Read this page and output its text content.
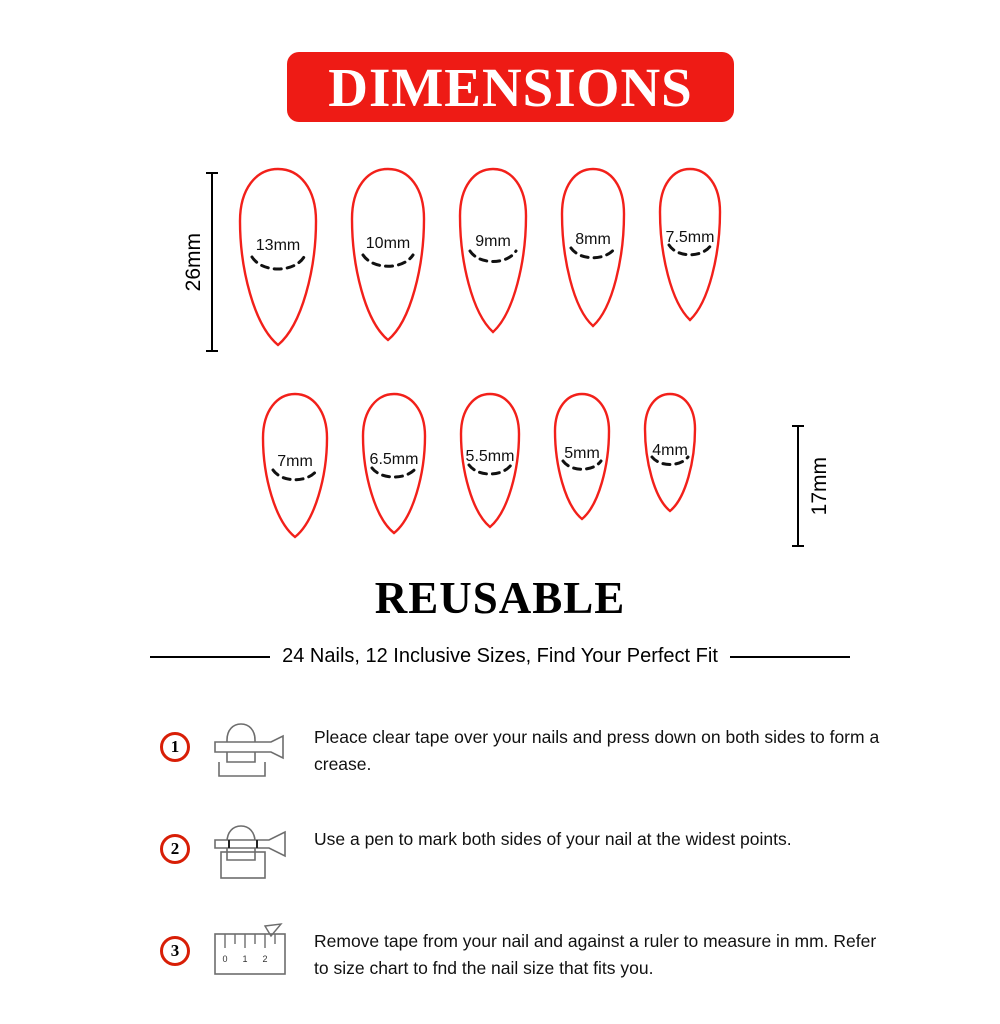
DIMENSIONS
26mm	13mm	10mm	9mm	8mm	7.5mm
7mm	6.5mm	5.5mm	5mm	4mm
17mm
REUSABLE
24 Nails, 12 Inclusive Sizes, Find Your Perfect Fit
1	Pleace clear tape over your nails and press down on both sides to form a crease.
2	Use a pen to mark both sides of your nail at the widest points.
3	0 1 2
Remove tape from your nail and against a ruler to measure in mm. Refer to size chart to fnd the nail size that fits you.
